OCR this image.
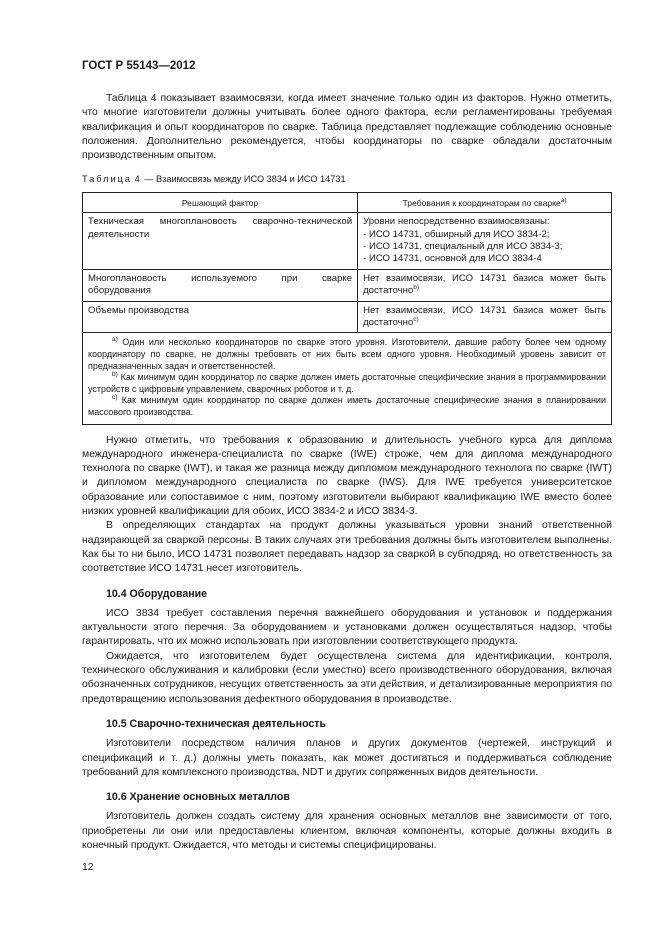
ГОСТ Р 55143—2012

Таблица 4 показывает взаимосвязи, когда имеет значение только один из факторов. Нужно отметить, что многие изготовители должны учитывать более одного фактора, если регламентированы требуемая квалификация и опыт координаторов по сварке. Таблица представляет подлежащие соблюдению основные положения. Дополнительно рекомендуется, чтобы координаторы по сварке обладали достаточным производственным опытом.

Таблица 4 — Взаимосвязь между ИСО 3834 и ИСО 14731
Решающий фактор	Требования к координаторам по сварке$^{a)}$
Техническая многоплановость сварочно-технической деятельности	Уровни непосредственно взаимосвязаны:
- ИСО 14731, обширный для ИСО 3834-2;
- ИСО 14731, специальный для ИСО 3834-3;
- ИСО 14731, основной для ИСО 3834-4

Многоплановость используемого при сварке оборудования	Нет взаимосвязи, ИСО 14731 базиса может быть достаточно$^{b)}$
Объемы производства	Нет взаимосвязи, ИСО 14731 базиса может быть достаточно$^{c)}$

$^{a)}$ Один или несколько координаторов по сварке этого уровня. Изготовители, давшие работу более чем одному координатору по сварке, не должны требовать от них быть всем одного уровня. Необходимый уровень зависит от предназначенных задач и ответственностей.
$^{b)}$ Как минимум один координатор по сварке должен иметь достаточные специфические знания в программировании устройств с цифровым управлением, сварочных роботов и т. д.
$^{c)}$ Как минимум один координатор по сварке должен иметь достаточные специфические знания в планировании массового производства.	

Нужно отметить, что требования к образованию и длительность учебного курса для диплома международного инженера-специалиста по сварке (IWE) строже, чем для диплома международного технолога по сварке (IWT), и такая же разница между дипломом международного технолога по сварке (IWT) и дипломом международного специалиста по сварке (IWS). Для IWE требуется университетское образование или сопоставимое с ним, поэтому изготовители выбирают квалификацию IWE вместо более низких уровней квалификации для обоих, ИСО 3834-2 и ИСО 3834-3.

В определяющих стандартах на продукт должны указываться уровни знаний ответственной надзирающей за сваркой персоны. В таких случаях эти требования должны быть изготовителем выполнены. Как бы то ни было, ИСО 14731 позволяет передавать надзор за сваркой в субподряд, но ответственность за соответствие ИСО 14731 несет изготовитель.

10.4 Оборудование

ИСО 3834 требует составления перечня важнейшего оборудования и установок и поддержания актуальности этого перечня. За оборудованием и установками должен осуществляться надзор, чтобы гарантировать, что их можно использовать при изготовлении соответствующего продукта.

Ожидается, что изготовителем будет осуществлена система для идентификации, контроля, технического обслуживания и калибровки (если уместно) всего производственного оборудования, включая обозначенных сотрудников, несущих ответственность за эти действия, и детализированные мероприятия по предотвращению использования дефектного оборудования в производстве.

10.5 Сварочно-техническая деятельность

Изготовители посредством наличия планов и других документов (чертежей, инструкций и спецификаций и т. д.) должны уметь показать, как может достигаться и поддерживаться соблюдение требований для комплексного производства, NDT и других сопряженных видов деятельности.

10.6 Хранение основных металлов

Изготовитель должен создать систему для хранения основных металлов вне зависимости от того, приобретены ли они или предоставлены клиентом, включая компоненты, которые должны входить в конечный продукт. Ожидается, что методы и системы специфицированы.

12
